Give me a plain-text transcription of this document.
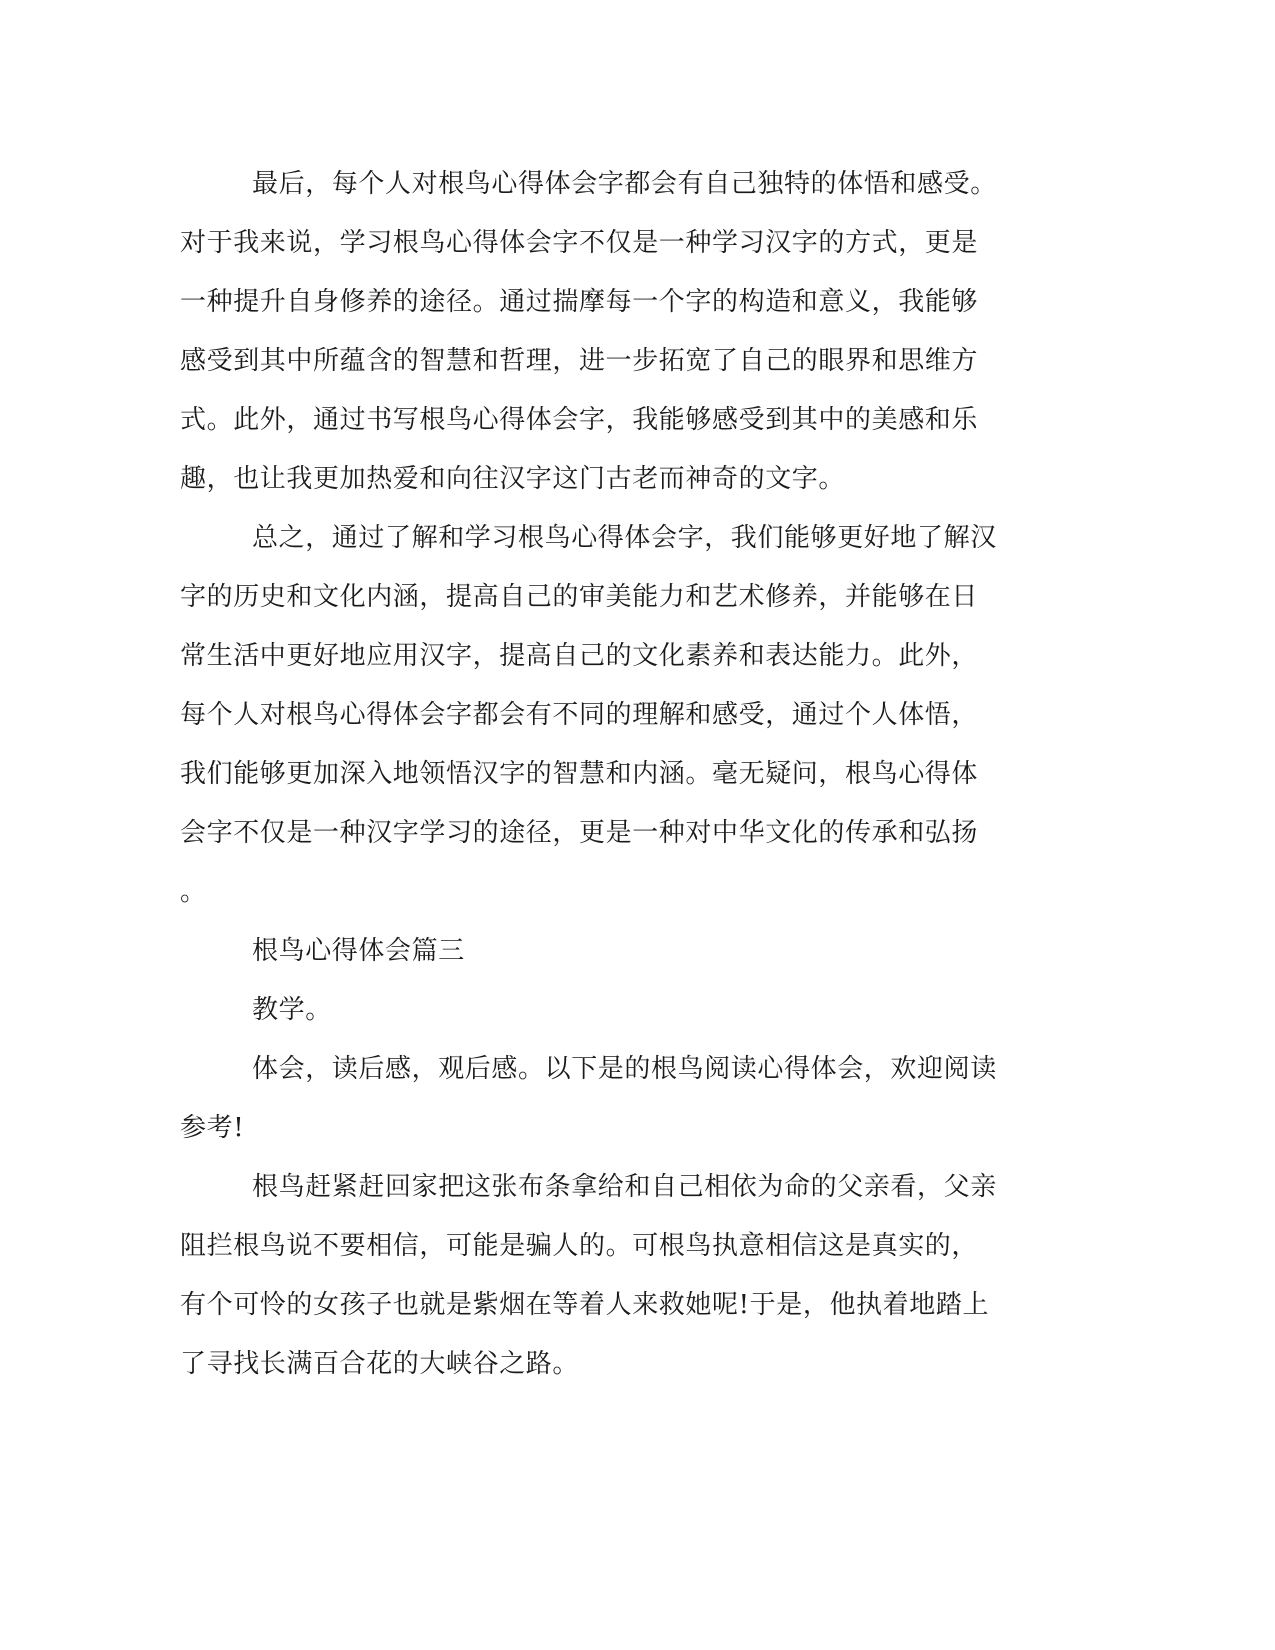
最后，每个人对根鸟心得体会字都会有自己独特的体悟和感受。
对于我来说，学习根鸟心得体会字不仅是一种学习汉字的方式，更是
一种提升自身修养的途径。通过揣摩每一个字的构造和意义，我能够
感受到其中所蕴含的智慧和哲理，进一步拓宽了自己的眼界和思维方
式。此外，通过书写根鸟心得体会字，我能够感受到其中的美感和乐
趣，也让我更加热爱和向往汉字这门古老而神奇的文字。

总之，通过了解和学习根鸟心得体会字，我们能够更好地了解汉
字的历史和文化内涵，提高自己的审美能力和艺术修养，并能够在日
常生活中更好地应用汉字，提高自己的文化素养和表达能力。此外，
每个人对根鸟心得体会字都会有不同的理解和感受，通过个人体悟，
我们能够更加深入地领悟汉字的智慧和内涵。毫无疑问，根鸟心得体
会字不仅是一种汉字学习的途径，更是一种对中华文化的传承和弘扬
。

根鸟心得体会篇三

教学。

体会，读后感，观后感。以下是的根鸟阅读心得体会，欢迎阅读
参考!

根鸟赶紧赶回家把这张布条拿给和自己相依为命的父亲看，父亲
阻拦根鸟说不要相信，可能是骗人的。可根鸟执意相信这是真实的，
有个可怜的女孩子也就是紫烟在等着人来救她呢!于是，他执着地踏上
了寻找长满百合花的大峡谷之路。
